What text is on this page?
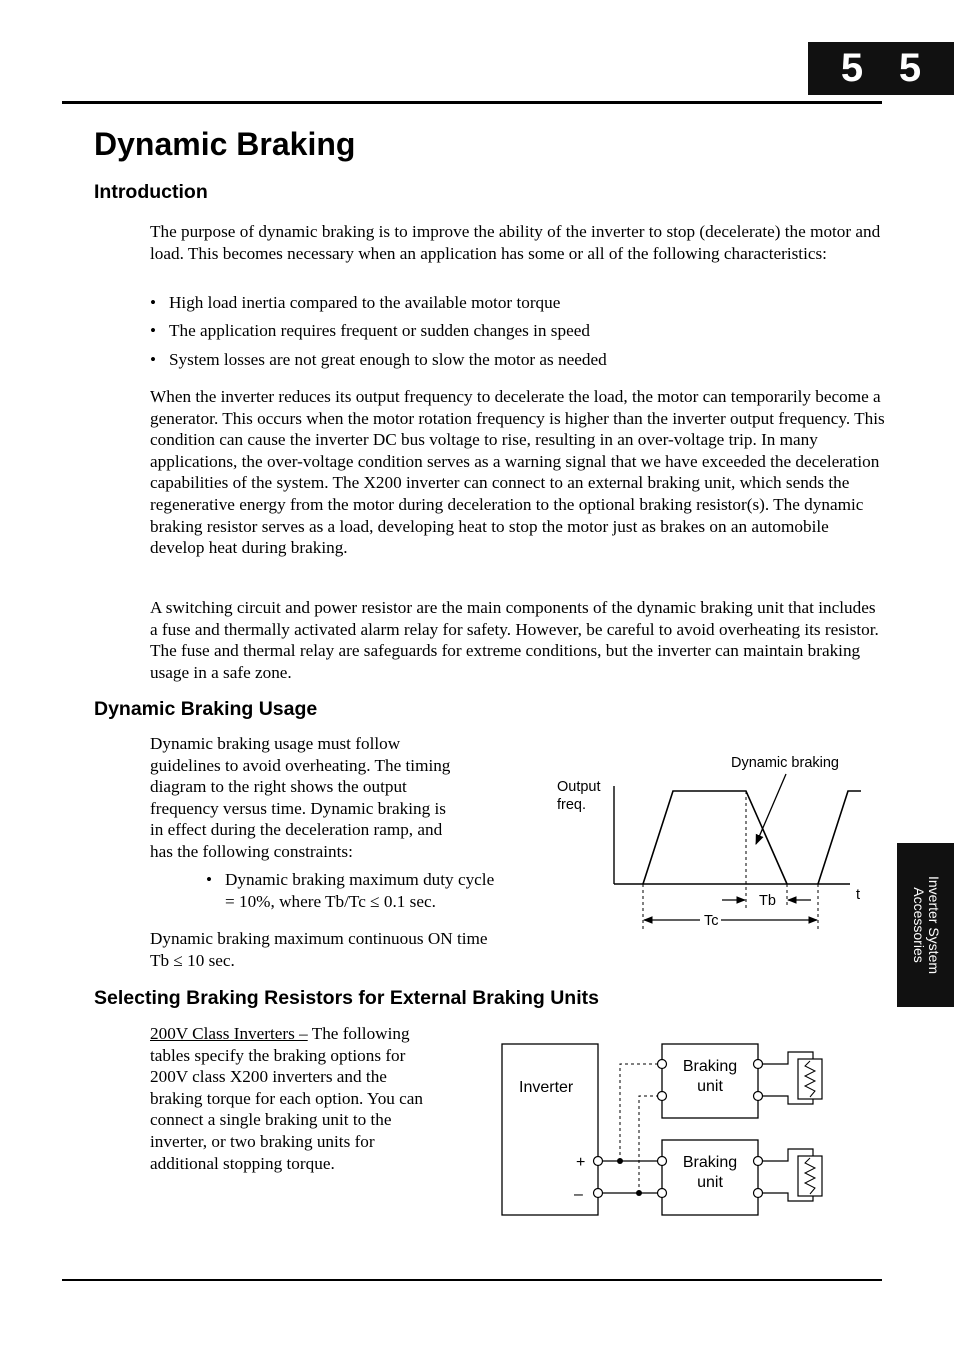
5 5
Dynamic Braking
Introduction

The purpose of dynamic braking is to improve the ability of the inverter to stop (decelerate) the motor and load. This becomes necessary when an application has some or all of the following characteristics:

• High load inertia compared to the available motor torque
• The application requires frequent or sudden changes in speed
• System losses are not great enough to slow the motor as needed

When the inverter reduces its output frequency to decelerate the load, the motor can temporarily become a generator. This occurs when the motor rotation frequency is higher than the inverter output frequency. This condition can cause the inverter DC bus voltage to rise, resulting in an over-voltage trip. In many applications, the over-voltage condition serves as a warning signal that we have exceeded the deceleration capabilities of the system. The X200 inverter can connect to an external braking unit, which sends the regenerative energy from the motor during deceleration to the optional braking resistor(s). The dynamic braking resistor serves as a load, developing heat to stop the motor just as brakes on an automobile develop heat during braking.

A switching circuit and power resistor are the main components of the dynamic braking unit that includes a fuse and thermally activated alarm relay for safety. However, be careful to avoid overheating its resistor. The fuse and thermal relay are safeguards for extreme conditions, but the inverter can maintain braking usage in a safe zone.

Dynamic Braking Usage
Dynamic braking usage must follow
guidelines to avoid overheating. The timing
diagram to the right shows the output
frequency versus time. Dynamic braking is
in effect during the deceleration ramp, and
has the following constraints:
• Dynamic braking maximum duty cycle
= 10%, where Tb/Tc ≤ 0.1 sec.
Dynamic braking maximum continuous ON time
Tb ≤ 10 sec.
Output
freq.
Dynamic braking
t
Tb
Tc	Inverter System
Accessories
Selecting Braking Resistors for External Braking Units
200V Class Inverters – The following
tables specify the braking options for
200V class X200 inverters and the
braking torque for each option. You can
connect a single braking unit to the
inverter, or two braking units for
additional stopping torque.
Inverter
+
–
Braking
unit
Braking
unit
